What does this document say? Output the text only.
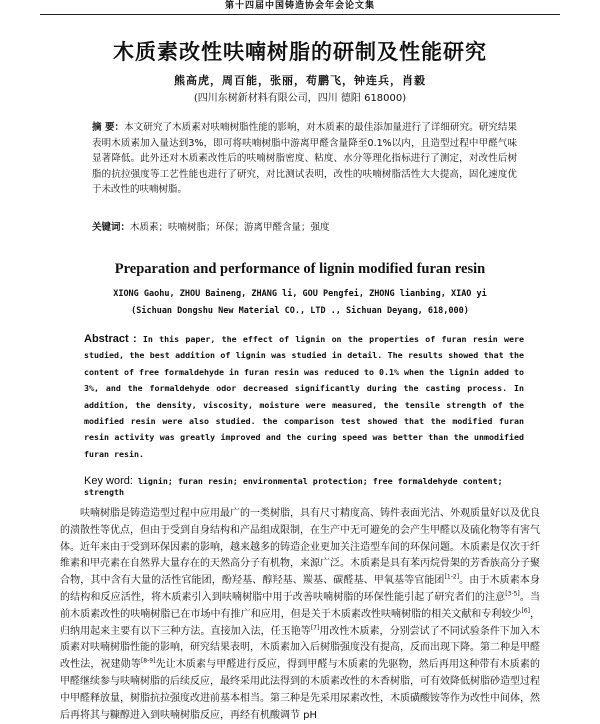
第十四届中国铸造协会年会论文集
木质素改性呋喃树脂的研制及性能研究
熊高虎，周百能，张丽，苟鹏飞，钟连兵，肖毅
(四川东树新材料有限公司，四川 德阳 618000)
摘 要：本文研究了木质素对呋喃树脂性能的影响，对木质素的最佳添加量进行了详细研究。研究结果表明木质素加入量达到3%，即可将呋喃树脂中游离甲醛含量降至0.1%以内，且造型过程中甲醛气味显著降低。此外还对木质素改性后的呋喃树脂密度、粘度、水分等理化指标进行了测定，对改性后树脂的抗拉强度等工艺性能也进行了研究，对比测试表明，改性的呋喃树脂活性大大提高，固化速度优于未改性的呋喃树脂。
关键词：木质素；呋喃树脂；环保；游离甲醛含量；强度
Preparation and performance of lignin modified furan resin
XIONG Gaohu, ZHOU Baineng, ZHANG li, GOU Pengfei, ZHONG lianbing, XIAO yi
(Sichuan Dongshu New Material CO., LTD ., Sichuan Deyang, 618,000)
Abstract : In this paper, the effect of lignin on the properties of furan resin were studied, the best addition of lignin was studied in detail. The results showed that the content of free formaldehyde in furan resin was reduced to 0.1% when the lignin added to 3%, and the formaldehyde odor decreased significantly during the casting process. In addition, the density, viscosity, moisture were measured, the tensile strength of the modified resin were also studied. the comparison test showed that the modified furan resin activity was greatly improved and the curing speed was better than the unmodified furan resin.
Key word: lignin; furan resin; environmental protection; free formaldehyde content; strength
呋喃树脂是铸造造型过程中应用最广的一类树脂，具有尺寸精度高、铸件表面光洁、外观质量好以及优良的溃散性等优点，但由于受到自身结构和产品组成限制，在生产中无可避免的会产生甲醛以及硫化物等有害气体。近年来由于受到环保因素的影响，越来越多的铸造企业更加关注造型车间的环保问题。木质素是仅次于纤维素和甲壳素在自然界大量存在的天然高分子有机物，来源广泛。木质素是具有苯丙烷骨架的芳香族高分子聚合物，其中含有大量的活性官能团，酚羟基、醇羟基、羰基、碳醛基、甲氧基等官能团[1-2]。由于木质素本身的结构和反应活性，将木质素引入到呋喃树脂中用于改善呋喃树脂的环保性能引起了研究者们的注意[3-5]。当前木质素改性的呋喃树脂已在市场中有推广和应用，但是关于木质素改性呋喃树脂的相关文献和专利较少[6]，归纳用起来主要有以下三种方法。直接加入法，任玉艳等[7]用改性木质素，分别尝试了不同试验条件下加入木质素对呋喃树脂性能的影响，研究结果表明，木质素加入后树脂强度没有提高，反而出现下降。第二种是甲醛改性法，祝建勋等[8-9]先让木质素与甲醛进行反应，得到甲醛与木质素的先驱物，然后再用这种带有木质素的甲醛继续参与呋喃树脂的后续反应，最终采用此法得到的木质素改性的木香树脂，可有效降低树脂砂造型过程中甲醛释放量，树脂抗拉强度改进前基本相当。第三种是先采用尿素改性，木质磺酸铵等作为改性中间体，然后再将其与糠醇进入到呋喃树脂反应，再经有机酸调节 pH
